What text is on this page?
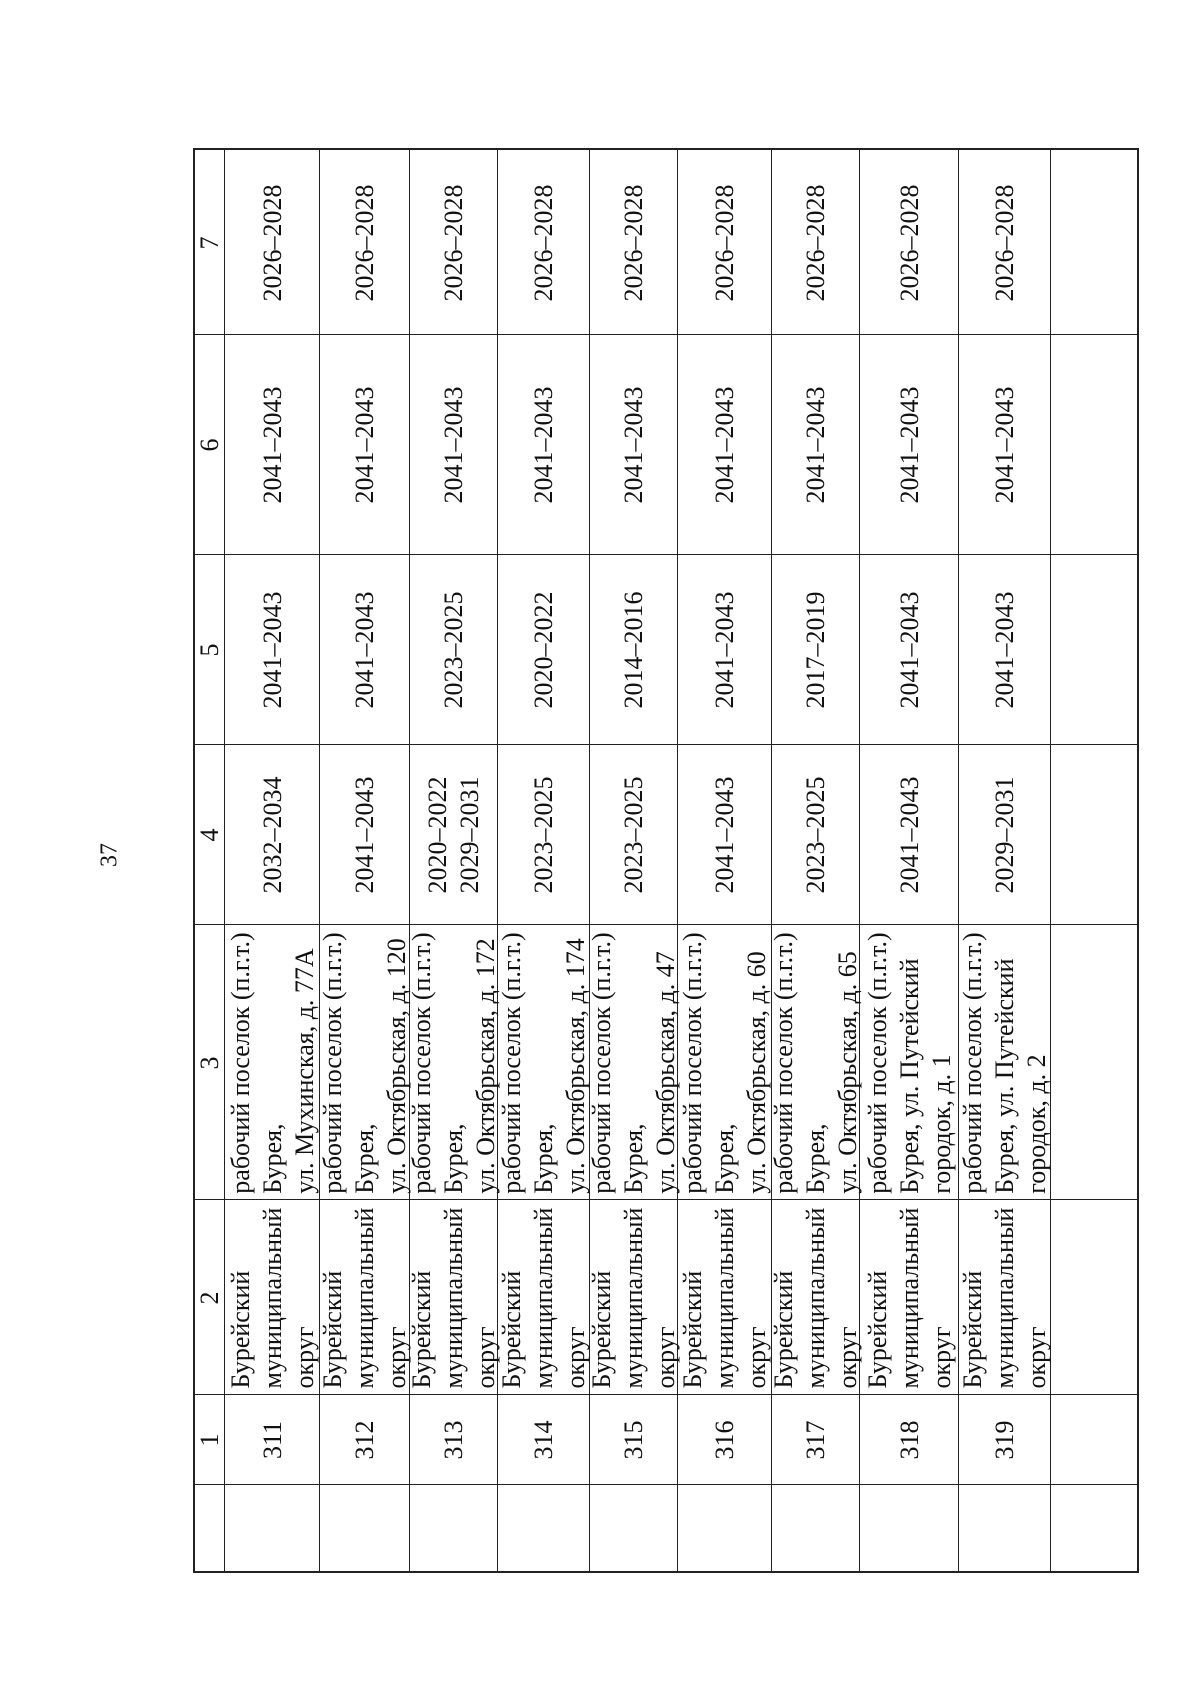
37
1
2
3
4
5
6
7
311
Бурейский муниципальный округ
рабочий поселок (п.г.т.) Бурея, ул. Мухинская, д. 77А
2032–2034
2041–2043
2041–2043
2026–2028
312
Бурейский муниципальный округ
рабочий поселок (п.г.т.) Бурея, ул. Октябрьская, д. 120
2041–2043
2041–2043
2041–2043
2026–2028
313
Бурейский муниципальный округ
рабочий поселок (п.г.т.) Бурея, ул. Октябрьская, д. 172
2020–2022 2029–2031
2023–2025
2041–2043
2026–2028
314
Бурейский муниципальный округ
рабочий поселок (п.г.т.) Бурея, ул. Октябрьская, д. 174
2023–2025
2020–2022
2041–2043
2026–2028
315
Бурейский муниципальный округ
рабочий поселок (п.г.т.) Бурея, ул. Октябрьская, д. 47
2023–2025
2014–2016
2041–2043
2026–2028
316
Бурейский муниципальный округ
рабочий поселок (п.г.т.) Бурея, ул. Октябрьская, д. 60
2041–2043
2041–2043
2041–2043
2026–2028
317
Бурейский муниципальный округ
рабочий поселок (п.г.т.) Бурея, ул. Октябрьская, д. 65
2023–2025
2017–2019
2041–2043
2026–2028
318
Бурейский муниципальный округ
рабочий поселок (п.г.т.) Бурея, ул. Путейский городок, д. 1
2041–2043
2041–2043
2041–2043
2026–2028
319
Бурейский муниципальный округ
рабочий поселок (п.г.т.) Бурея, ул. Путейский городок, д. 2
2029–2031
2041–2043
2041–2043
2026–2028
